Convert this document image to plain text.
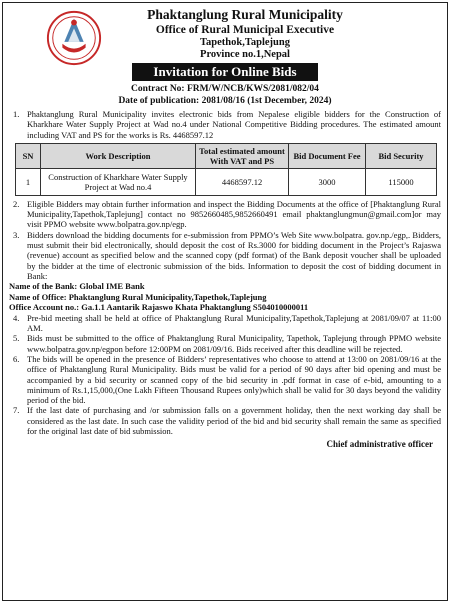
Phaktanglung Rural Municipality
Office of Rural Municipal Executive
Tapethok,Taplejung
Province no.1,Nepal
Invitation for Online Bids
Contract No: FRM/W/NCB/KWS/2081/082/04
Date of publication: 2081/08/16 (1st December, 2024)
1. Phaktanglung Rural Municipality invites electronic bids from Nepalese eligible bidders for the Construction of Kharkhare Water Supply Project at Wad no.4 under National Competitive Bidding procedures. The estimated amount including VAT and PS for the works is Rs. 4468597.12
SN	Work Description	Total estimated amount With VAT and PS	Bid Document Fee	Bid Security
1	Construction of Kharkhare Water Supply Project at Wad no.4	4468597.12	3000	115000
2. Eligible Bidders may obtain further information and inspect the Bidding Documents at the office of [Phaktanglung Rural Municipality,Tapethok,Taplejung] contact no 9852660485,9852660491 email phaktanglungmun@gmail.com]or may visit PPMO website www.bolpatra.gov.np/egp.
3. Bidders download the bidding documents for e-submission from PPMO’s Web Site www.bolpatra. gov.np./egp,. Bidders, must submit their bid electronically, should deposit the cost of Rs.3000 for bidding document in the Project’s Rajaswa (revenue) account as specified below and the scanned copy (pdf format) of the Bank deposit voucher shall be uploaded by the bidder at the time of electronic submission of the bids. Information to deposit the cost of bidding document in Bank:
Name of the Bank: Global IME Bank
Name of Office: Phaktanglung Rural Municipality,Tapethok,Taplejung
Office Account no.: Ga.1.1 Aantarik Rajaswo Khata Phaktanglung S504010000011
4. Pre-bid meeting shall be held at office of Phaktanglung Rural Municipality,Tapethok,Taplejung at 2081/09/07 at 11:00 AM.
5. Bids must be submitted to the office of Phaktanglung Rural Municipality, Tapethok, Taplejung through PPMO website www.bolpatra.gov.np/egpon before 12:00PM on 2081/09/16. Bids received after this deadline will be rejected.
6. The bids will be opened in the presence of Bidders’ representatives who choose to attend at 13:00 on 2081/09/16 at the office of Phaktanglung Rural Municipality. Bids must be valid for a period of 90 days after bid opening and must be accompanied by a bid security or scanned copy of the bid security in .pdf format in case of e-bid, amounting to a minimum of Rs.1,15,000,(One Lakh Fifteen Thousand Rupees only)which shall be valid for 30 days beyond the validity period of the bid.
7. If the last date of purchasing and /or submission falls on a government holiday, then the next working day shall be considered as the last date. In such case the validity period of the bid and bid security shall remain the same as specified for the original last date of bid submission.
Chief administrative officer
